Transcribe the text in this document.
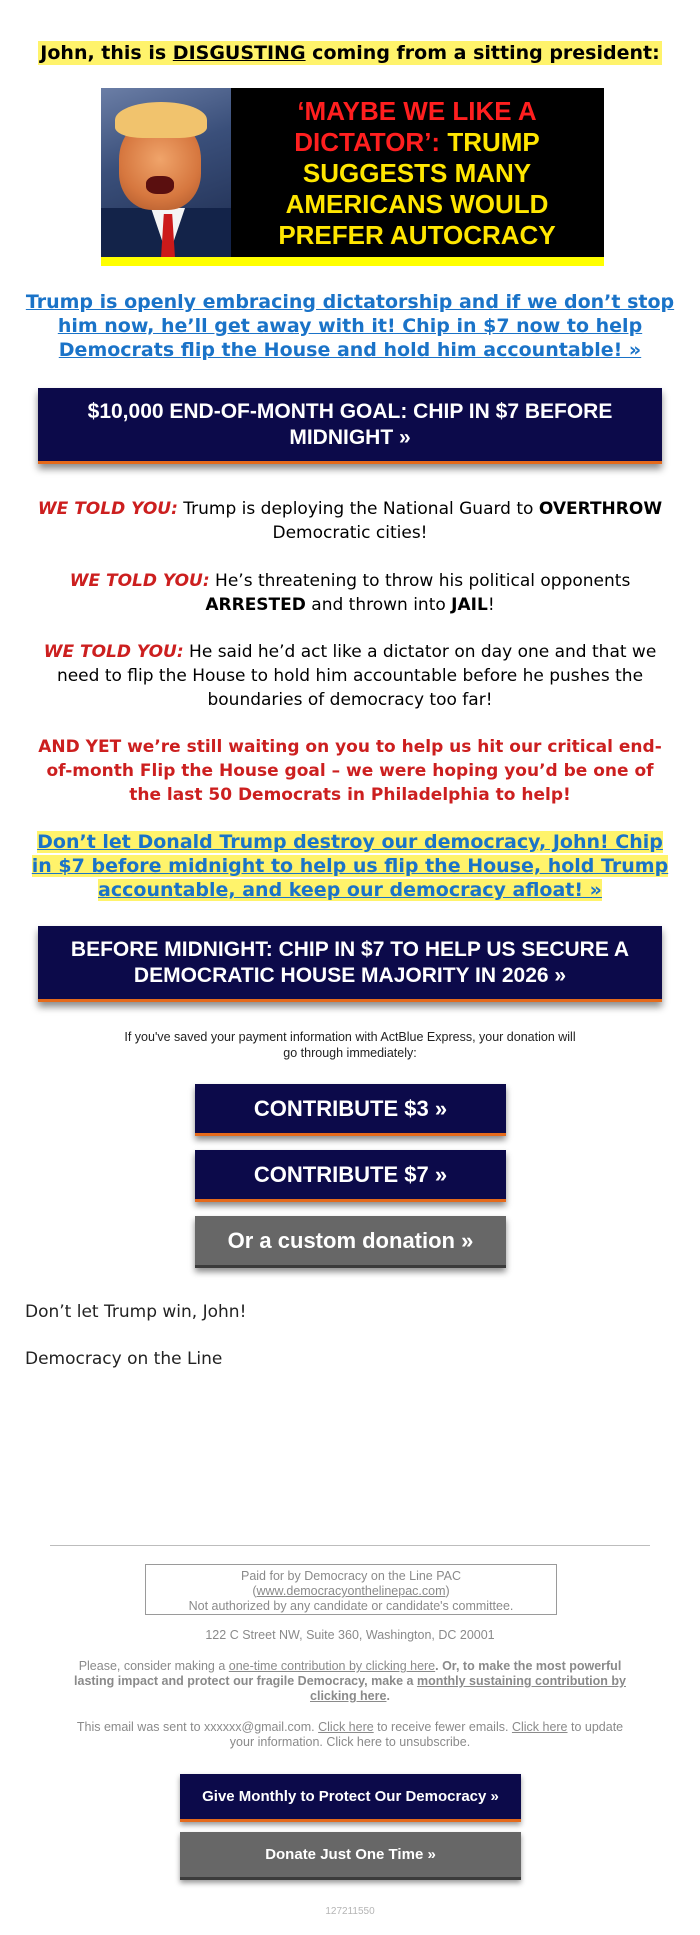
John, this is DISGUSTING coming from a sitting president:
‘MAYBE WE LIKE A DICTATOR’: TRUMP SUGGESTS MANY AMERICANS WOULD PREFER AUTOCRACY
Trump is openly embracing dictatorship and if we don’t stop him now, he’ll get away with it! Chip in $7 now to help Democrats flip the House and hold him accountable! »
$10,000 END-OF-MONTH GOAL: CHIP IN $7 BEFORE MIDNIGHT »
WE TOLD YOU: Trump is deploying the National Guard to OVERTHROW Democratic cities!
WE TOLD YOU: He’s threatening to throw his political opponents ARRESTED and thrown into JAIL!
WE TOLD YOU: He said he’d act like a dictator on day one and that we need to flip the House to hold him accountable before he pushes the boundaries of democracy too far!
AND YET we’re still waiting on you to help us hit our critical end-of-month Flip the House goal – we were hoping you’d be one of the last 50 Democrats in Philadelphia to help!
Don’t let Donald Trump destroy our democracy, John! Chip in $7 before midnight to help us flip the House, hold Trump accountable, and keep our democracy afloat! »
BEFORE MIDNIGHT: CHIP IN $7 TO HELP US SECURE A DEMOCRATIC HOUSE MAJORITY IN 2026 »
If you've saved your payment information with ActBlue Express, your donation will go through immediately:
CONTRIBUTE $3 »
CONTRIBUTE $7 »
Or a custom donation »
Don’t let Trump win, John!
Democracy on the Line
Paid for by Democracy on the Line PAC
(www.democracyonthelinepac.com)
Not authorized by any candidate or candidate's committee.
122 C Street NW, Suite 360, Washington, DC 20001
Please, consider making a one-time contribution by clicking here. Or, to make the most powerful lasting impact and protect our fragile Democracy, make a monthly sustaining contribution by clicking here.
This email was sent to xxxxxx@gmail.com. Click here to receive fewer emails. Click here to update your information. Click here to unsubscribe.
Give Monthly to Protect Our Democracy »
Donate Just One Time »
127211550
